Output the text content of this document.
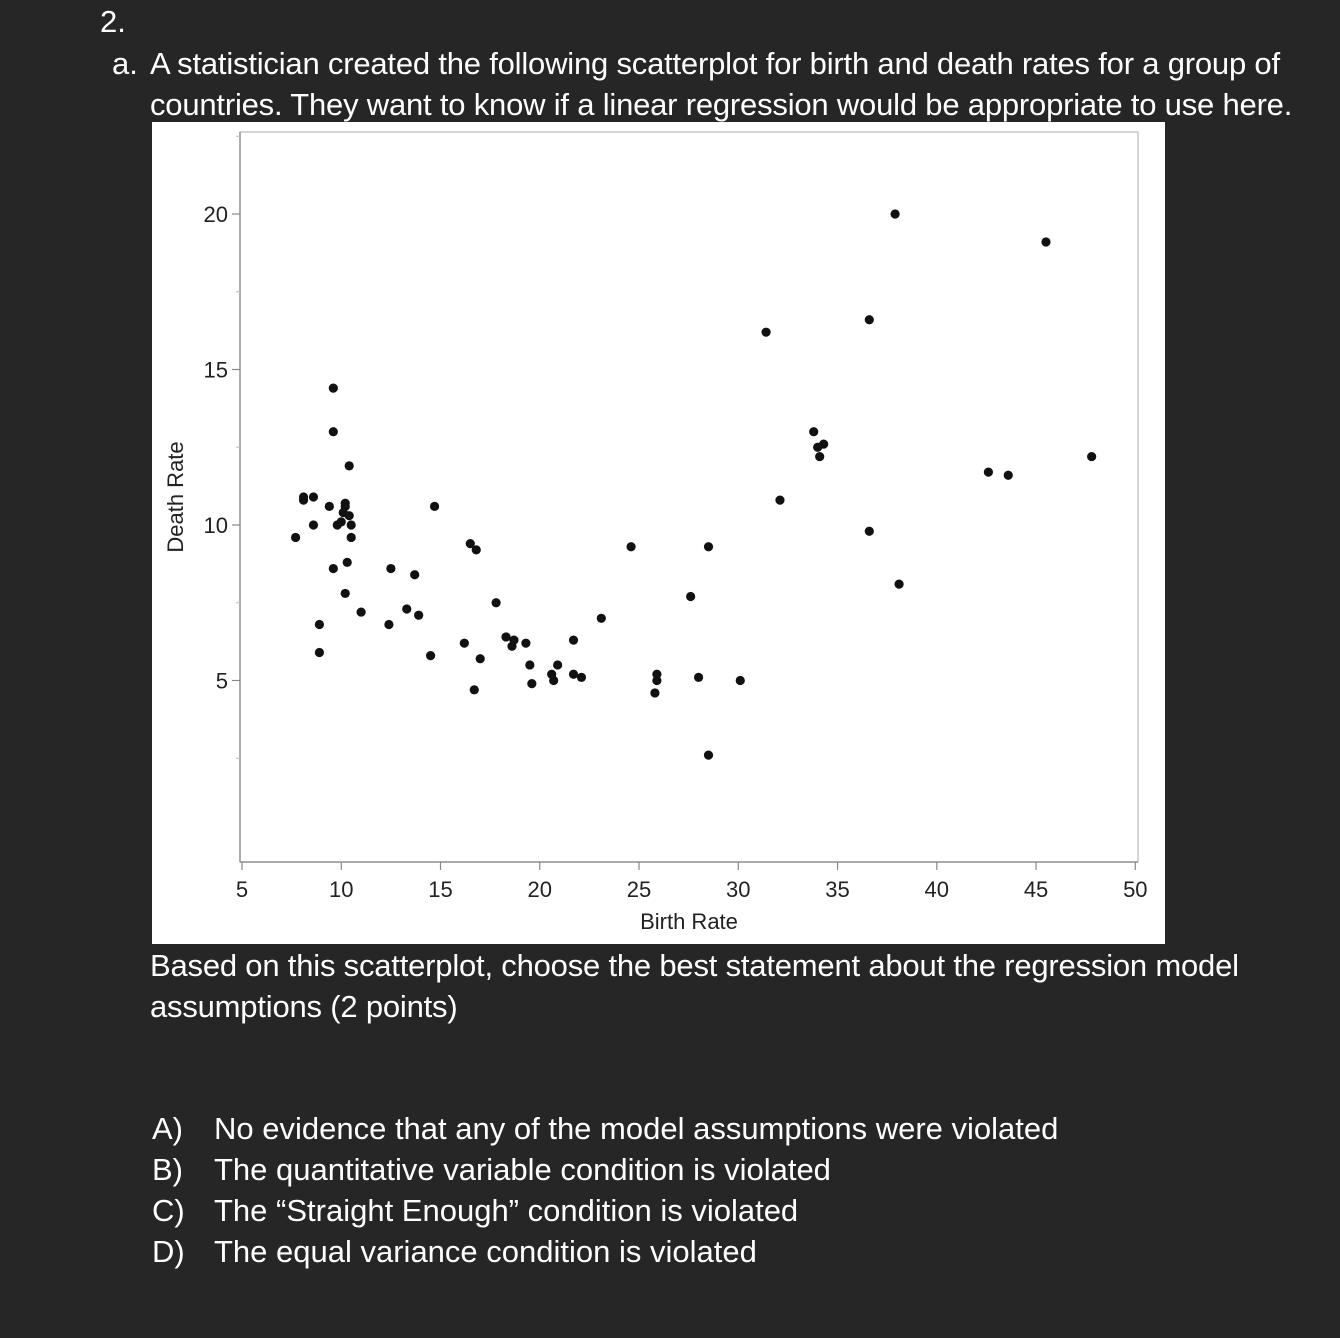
2.
a. A statistician created the following scatterplot for birth and death rates for a group of
countries. They want to know if a linear regression would be appropriate to use here.
5	10	15	20	25	30	35	40	45	50
5
10
15
20
Birth Rate
Death Rate
Based on this scatterplot, choose the best statement about the regression model
assumptions (2 points)
A)	No evidence that any of the model assumptions were violated
B)	The quantitative variable condition is violated
C) The “Straight Enough” condition is violated
D) The equal variance condition is violated
